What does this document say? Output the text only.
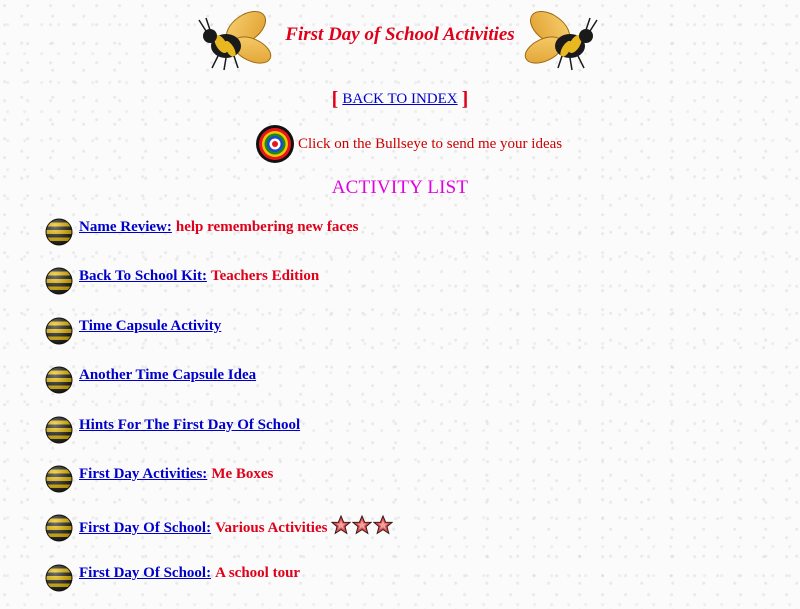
First Day of School Activities
[ BACK TO INDEX ]
Click on the Bullseye to send me your ideas
ACTIVITY LIST
Name Review: help remembering new faces
Back To School Kit: Teachers Edition
Time Capsule Activity
Another Time Capsule Idea
Hints For The First Day Of School
First Day Activities: Me Boxes
First Day Of School: Various Activities
First Day Of School: A school tour
